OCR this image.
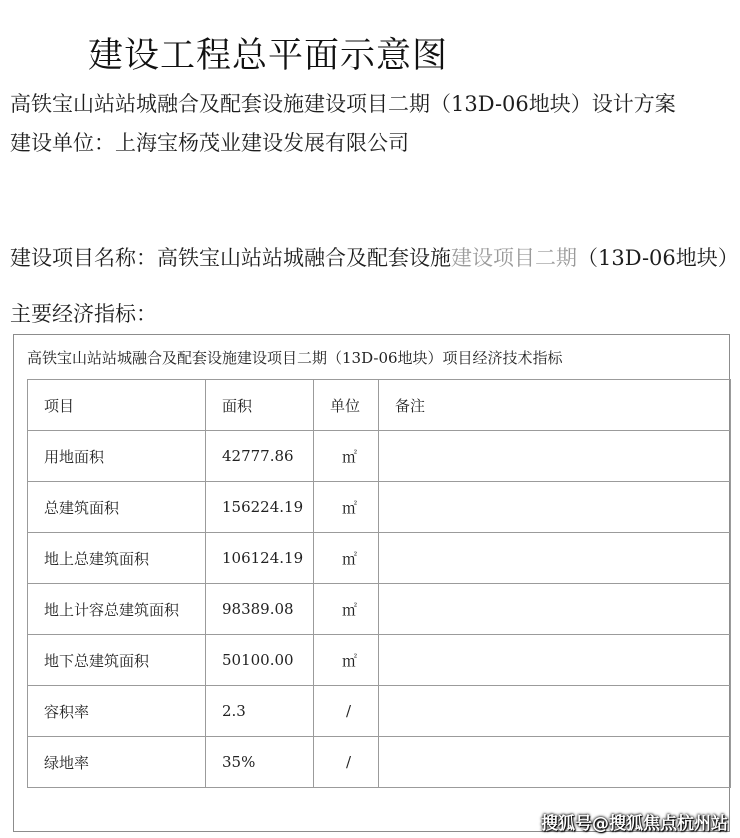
建设工程总平面示意图
高铁宝山站站城融合及配套设施建设项目二期（13D-06地块）设计方案
建设单位：上海宝杨茂业建设发展有限公司
建设项目名称：高铁宝山站站城融合及配套设施建设项目二期（13D-06地块）
主要经济指标：
高铁宝山站站城融合及配套设施建设项目二期（13D-06地块）项目经济技术指标
项目	面积	单位	备注
用地面积	42777.86	㎡	
总建筑面积	156224.19	㎡	
地上总建筑面积	106124.19	㎡	
地上计容总建筑面积	98389.08	㎡	
地下总建筑面积	50100.00	㎡	
容积率	2.3	/	
绿地率	35%	/	
搜狐号@搜狐焦点杭州站
